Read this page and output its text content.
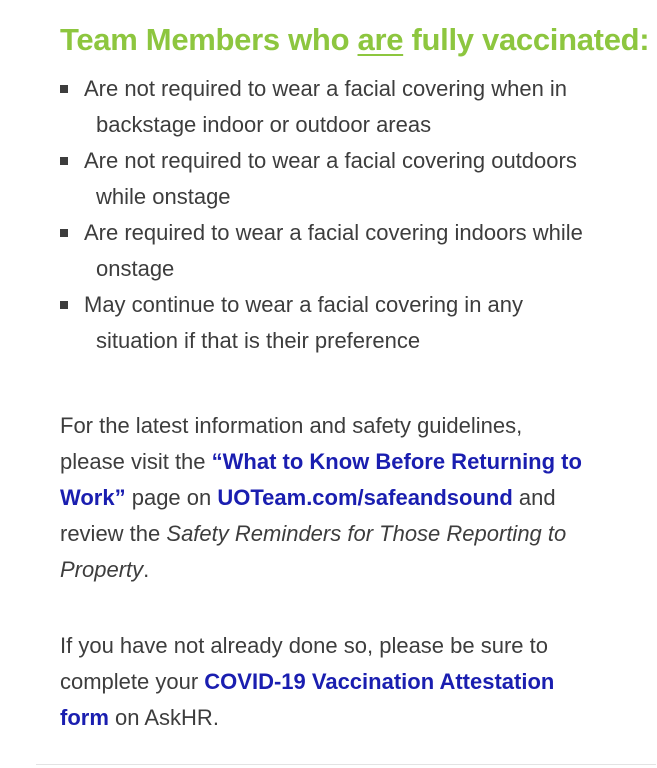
Team Members who are fully vaccinated:
Are not required to wear a facial covering when in
backstage indoor or outdoor areas
Are not required to wear a facial covering outdoors
while onstage
Are required to wear a facial covering indoors while
onstage
May continue to wear a facial covering in any
situation if that is their preference

For the latest information and safety guidelines,
please visit the “What to Know Before Returning to
Work” page on UOTeam.com/safeandsound and
review the Safety Reminders for Those Reporting to
Property.

If you have not already done so, please be sure to
complete your COVID-19 Vaccination Attestation
form on AskHR.
